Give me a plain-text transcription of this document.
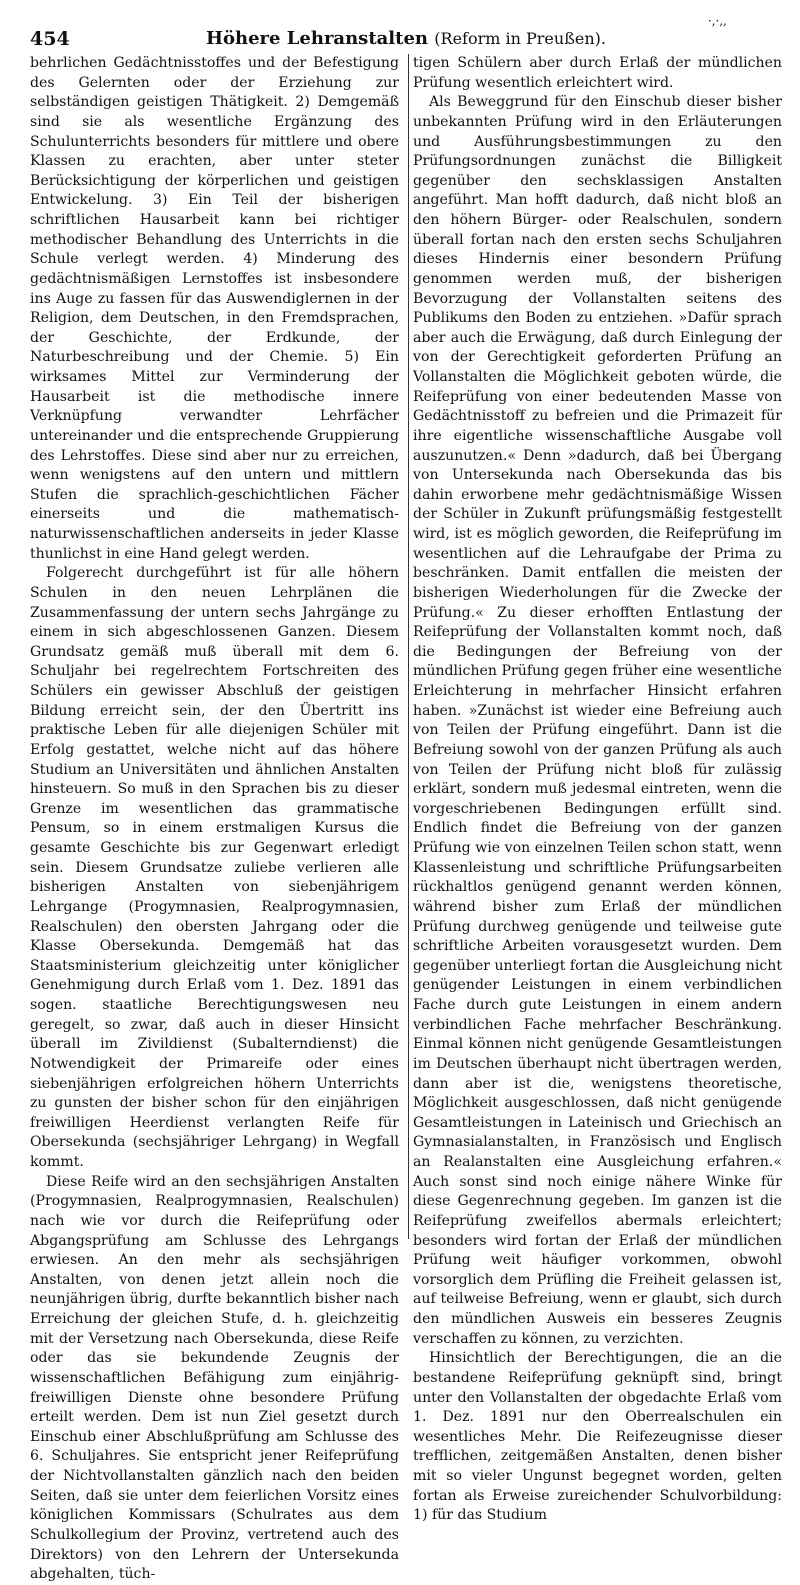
454	Höhere Lehranstalten (Reform in Preußen).
·,·,,

behrlichen Gedächtnisstoffes und der Befestigung des Gelernten oder der Erziehung zur selbständigen geistigen Thätigkeit. 2) Demgemäß sind sie als wesentliche Ergänzung des Schulunterrichts besonders für mittlere und obere Klassen zu erachten, aber unter steter Berücksichtigung der körperlichen und geistigen Entwickelung. 3) Ein Teil der bisherigen schriftlichen Hausarbeit kann bei richtiger methodischer Behandlung des Unterrichts in die Schule verlegt werden. 4) Minderung des gedächtnismäßigen Lernstoffes ist insbesondere ins Auge zu fassen für das Auswendiglernen in der Religion, dem Deutschen, in den Fremdsprachen, der Geschichte, der Erdkunde, der Naturbeschreibung und der Chemie. 5) Ein wirksames Mittel zur Verminderung der Hausarbeit ist die methodische innere Verknüpfung verwandter Lehrfächer untereinander und die entsprechende Gruppierung des Lehrstoffes. Diese sind aber nur zu erreichen, wenn wenigstens auf den untern und mittlern Stufen die sprachlich-geschichtlichen Fächer einerseits und die mathematisch-naturwissenschaftlichen anderseits in jeder Klasse thunlichst in eine Hand gelegt werden.

Folgerecht durchgeführt ist für alle höhern Schulen in den neuen Lehrplänen die Zusammenfassung der untern sechs Jahrgänge zu einem in sich abgeschlossenen Ganzen. Diesem Grundsatz gemäß muß überall mit dem 6. Schuljahr bei regelrechtem Fortschreiten des Schülers ein gewisser Abschluß der geistigen Bildung erreicht sein, der den Übertritt ins praktische Leben für alle diejenigen Schüler mit Erfolg gestattet, welche nicht auf das höhere Studium an Universitäten und ähnlichen Anstalten hinsteuern. So muß in den Sprachen bis zu dieser Grenze im wesentlichen das grammatische Pensum, so in einem erstmaligen Kursus die gesamte Geschichte bis zur Gegenwart erledigt sein. Diesem Grundsatze zuliebe verlieren alle bisherigen Anstalten von siebenjährigem Lehrgange (Progymnasien, Realprogymnasien, Realschulen) den obersten Jahrgang oder die Klasse Obersekunda. Demgemäß hat das Staatsministerium gleichzeitig unter königlicher Genehmigung durch Erlaß vom 1. Dez. 1891 das sogen. staatliche Berechtigungswesen neu geregelt, so zwar, daß auch in dieser Hinsicht überall im Zivildienst (Subalterndienst) die Notwendigkeit der Primareife oder eines siebenjährigen erfolgreichen höhern Unterrichts zu gunsten der bisher schon für den einjährigen freiwilligen Heerdienst verlangten Reife für Obersekunda (sechsjähriger Lehrgang) in Wegfall kommt.

Diese Reife wird an den sechsjährigen Anstalten (Progymnasien, Realprogymnasien, Realschulen) nach wie vor durch die Reifeprüfung oder Abgangsprüfung am Schlusse des Lehrgangs erwiesen. An den mehr als sechsjährigen Anstalten, von denen jetzt allein noch die neunjährigen übrig, durfte bekanntlich bisher nach Erreichung der gleichen Stufe, d. h. gleichzeitig mit der Versetzung nach Obersekunda, diese Reife oder das sie bekundende Zeugnis der wissenschaftlichen Befähigung zum einjährig-freiwilligen Dienste ohne besondere Prüfung erteilt werden. Dem ist nun Ziel gesetzt durch Einschub einer Abschlußprüfung am Schlusse des 6. Schuljahres. Sie entspricht jener Reifeprüfung der Nichtvollanstalten gänzlich nach den beiden Seiten, daß sie unter dem feierlichen Vorsitz eines königlichen Kommissars (Schulrates aus dem Schulkollegium der Provinz, vertretend auch des Direktors) von den Lehrern der Untersekunda abgehalten, tüch-

tigen Schülern aber durch Erlaß der mündlichen Prüfung wesentlich erleichtert wird.

Als Beweggrund für den Einschub dieser bisher unbekannten Prüfung wird in den Erläuterungen und Ausführungsbestimmungen zu den Prüfungsordnungen zunächst die Billigkeit gegenüber den sechsklassigen Anstalten angeführt. Man hofft dadurch, daß nicht bloß an den höhern Bürger- oder Realschulen, sondern überall fortan nach den ersten sechs Schuljahren dieses Hindernis einer besondern Prüfung genommen werden muß, der bisherigen Bevorzugung der Vollanstalten seitens des Publikums den Boden zu entziehen. »Dafür sprach aber auch die Erwägung, daß durch Einlegung der von der Gerechtigkeit geforderten Prüfung an Vollanstalten die Möglichkeit geboten würde, die Reifeprüfung von einer bedeutenden Masse von Gedächtnisstoff zu befreien und die Primazeit für ihre eigentliche wissenschaftliche Ausgabe voll auszunutzen.« Denn »dadurch, daß bei Übergang von Untersekunda nach Obersekunda das bis dahin erworbene mehr gedächtnismäßige Wissen der Schüler in Zukunft prüfungsmäßig festgestellt wird, ist es möglich geworden, die Reifeprüfung im wesentlichen auf die Lehraufgabe der Prima zu beschränken. Damit entfallen die meisten der bisherigen Wiederholungen für die Zwecke der Prüfung.« Zu dieser erhofften Entlastung der Reifeprüfung der Vollanstalten kommt noch, daß die Bedingungen der Befreiung von der mündlichen Prüfung gegen früher eine wesentliche Erleichterung in mehrfacher Hinsicht erfahren haben. »Zunächst ist wieder eine Befreiung auch von Teilen der Prüfung eingeführt. Dann ist die Befreiung sowohl von der ganzen Prüfung als auch von Teilen der Prüfung nicht bloß für zulässig erklärt, sondern muß jedesmal eintreten, wenn die vorgeschriebenen Bedingungen erfüllt sind. Endlich findet die Befreiung von der ganzen Prüfung wie von einzelnen Teilen schon statt, wenn Klassenleistung und schriftliche Prüfungsarbeiten rückhaltlos genügend genannt werden können, während bisher zum Erlaß der mündlichen Prüfung durchweg genügende und teilweise gute schriftliche Arbeiten vorausgesetzt wurden. Dem gegenüber unterliegt fortan die Ausgleichung nicht genügender Leistungen in einem verbindlichen Fache durch gute Leistungen in einem andern verbindlichen Fache mehrfacher Beschränkung. Einmal können nicht genügende Gesamtleistungen im Deutschen überhaupt nicht übertragen werden, dann aber ist die, wenigstens theoretische, Möglichkeit ausgeschlossen, daß nicht genügende Gesamtleistungen in Lateinisch und Griechisch an Gymnasialanstalten, in Französisch und Englisch an Realanstalten eine Ausgleichung erfahren.« Auch sonst sind noch einige nähere Winke für diese Gegenrechnung gegeben. Im ganzen ist die Reifeprüfung zweifellos abermals erleichtert; besonders wird fortan der Erlaß der mündlichen Prüfung weit häufiger vorkommen, obwohl vorsorglich dem Prüfling die Freiheit gelassen ist, auf teilweise Befreiung, wenn er glaubt, sich durch den mündlichen Ausweis ein besseres Zeugnis verschaffen zu können, zu verzichten.

Hinsichtlich der Berechtigungen, die an die bestandene Reifeprüfung geknüpft sind, bringt unter den Vollanstalten der obgedachte Erlaß vom 1. Dez. 1891 nur den Oberrealschulen ein wesentliches Mehr. Die Reifezeugnisse dieser trefflichen, zeitgemäßen Anstalten, denen bisher mit so vieler Ungunst begegnet worden, gelten fortan als Erweise zureichender Schulvorbildung: 1) für das Studium
